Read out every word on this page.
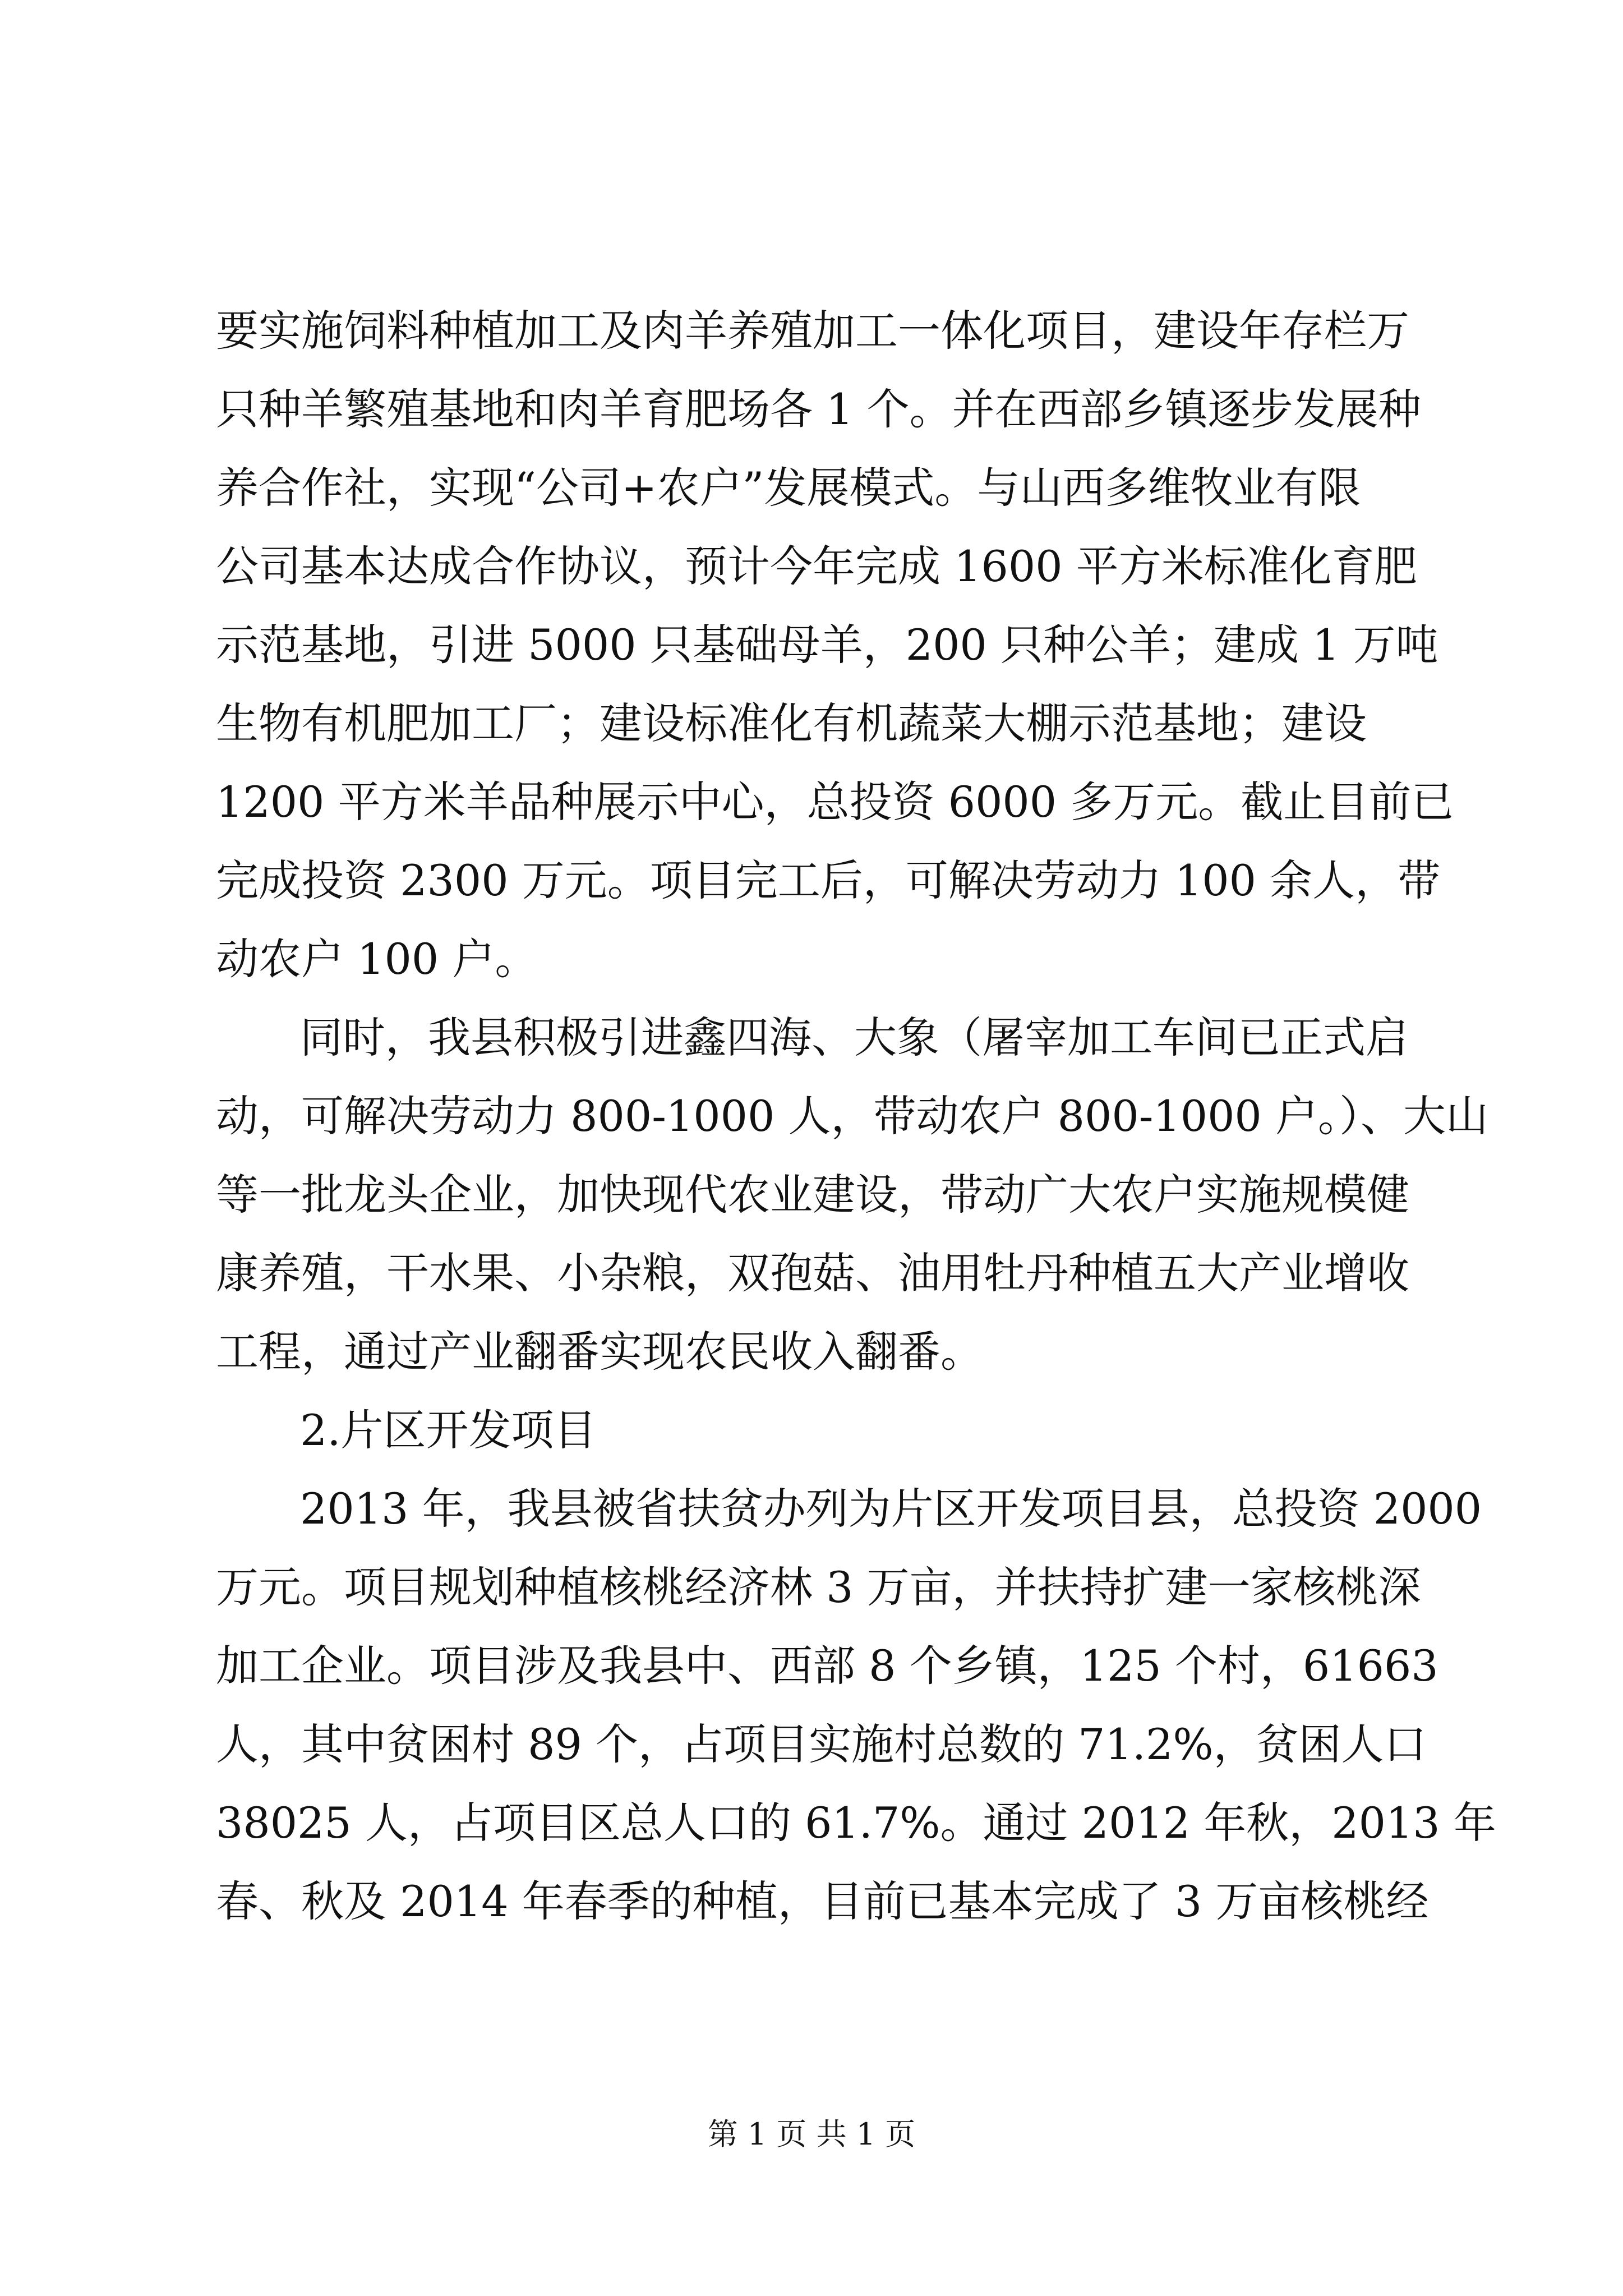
要实施饲料种植加工及肉羊养殖加工一体化项目，建设年存栏万
只种羊繁殖基地和肉羊育肥场各 1 个。并在西部乡镇逐步发展种
养合作社，实现“公司+农户”发展模式。与山西多维牧业有限
公司基本达成合作协议，预计今年完成 1600 平方米标准化育肥
示范基地，引进 5000 只基础母羊，200 只种公羊；建成 1 万吨
生物有机肥加工厂；建设标准化有机蔬菜大棚示范基地；建设
1200 平方米羊品种展示中心，总投资 6000 多万元。截止目前已
完成投资 2300 万元。项目完工后，可解决劳动力 100 余人，带
动农户 100 户。
同时，我县积极引进鑫四海、大象（屠宰加工车间已正式启
动，可解决劳动力 800-1000 人，带动农户 800-1000 户。）、大山
等一批龙头企业，加快现代农业建设，带动广大农户实施规模健
康养殖，干水果、小杂粮，双孢菇、油用牡丹种植五大产业增收
工程，通过产业翻番实现农民收入翻番。
2.片区开发项目
2013 年，我县被省扶贫办列为片区开发项目县，总投资 2000
万元。项目规划种植核桃经济林 3 万亩，并扶持扩建一家核桃深
加工企业。项目涉及我县中、西部 8 个乡镇，125 个村，61663
人，其中贫困村 89 个，占项目实施村总数的 71.2%，贫困人口
38025 人，占项目区总人口的 61.7%。通过 2012 年秋，2013 年
春、秋及 2014 年春季的种植，目前已基本完成了 3 万亩核桃经
第 1 页 共 1 页
